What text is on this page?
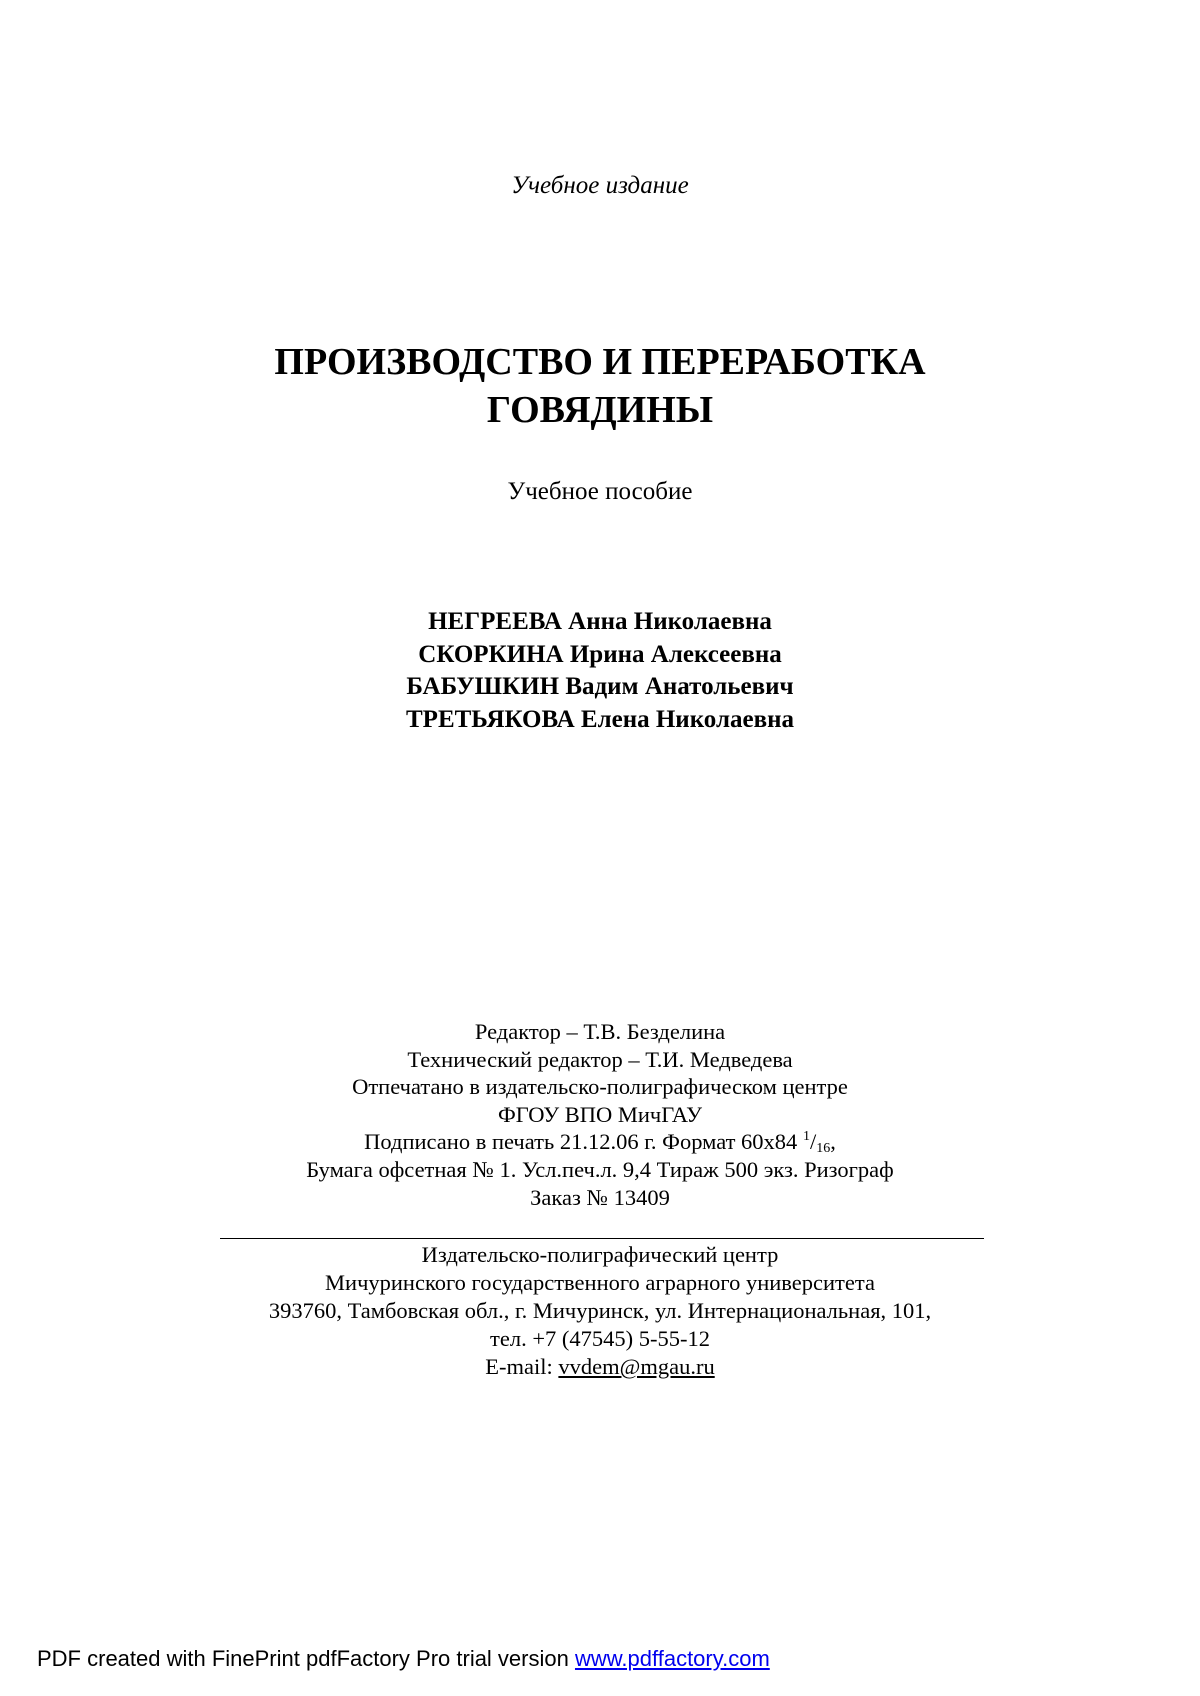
Учебное издание
ПРОИЗВОДСТВО И ПЕРЕРАБОТКА
ГОВЯДИНЫ
Учебное пособие
НЕГРЕЕВА Анна Николаевна
СКОРКИНА Ирина Алексеевна
БАБУШКИН Вадим Анатольевич
ТРЕТЬЯКОВА Елена Николаевна
Редактор – Т.В. Безделина
Технический редактор – Т.И. Медведева
Отпечатано в издательско-полиграфическом центре
ФГОУ ВПО МичГАУ
Подписано в печать 21.12.06 г. Формат 60х84 $^1/_{16}$,
Бумага офсетная № 1. Усл.печ.л. 9,4 Тираж 500 экз. Ризограф
Заказ № 13409
Издательско-полиграфический центр
Мичуринского государственного аграрного университета
393760, Тамбовская обл., г. Мичуринск, ул. Интернациональная, 101,
тел. +7 (47545) 5-55-12
E-mail: vvdem@mgau.ru
PDF created with FinePrint pdfFactory Pro trial version www.pdffactory.com
